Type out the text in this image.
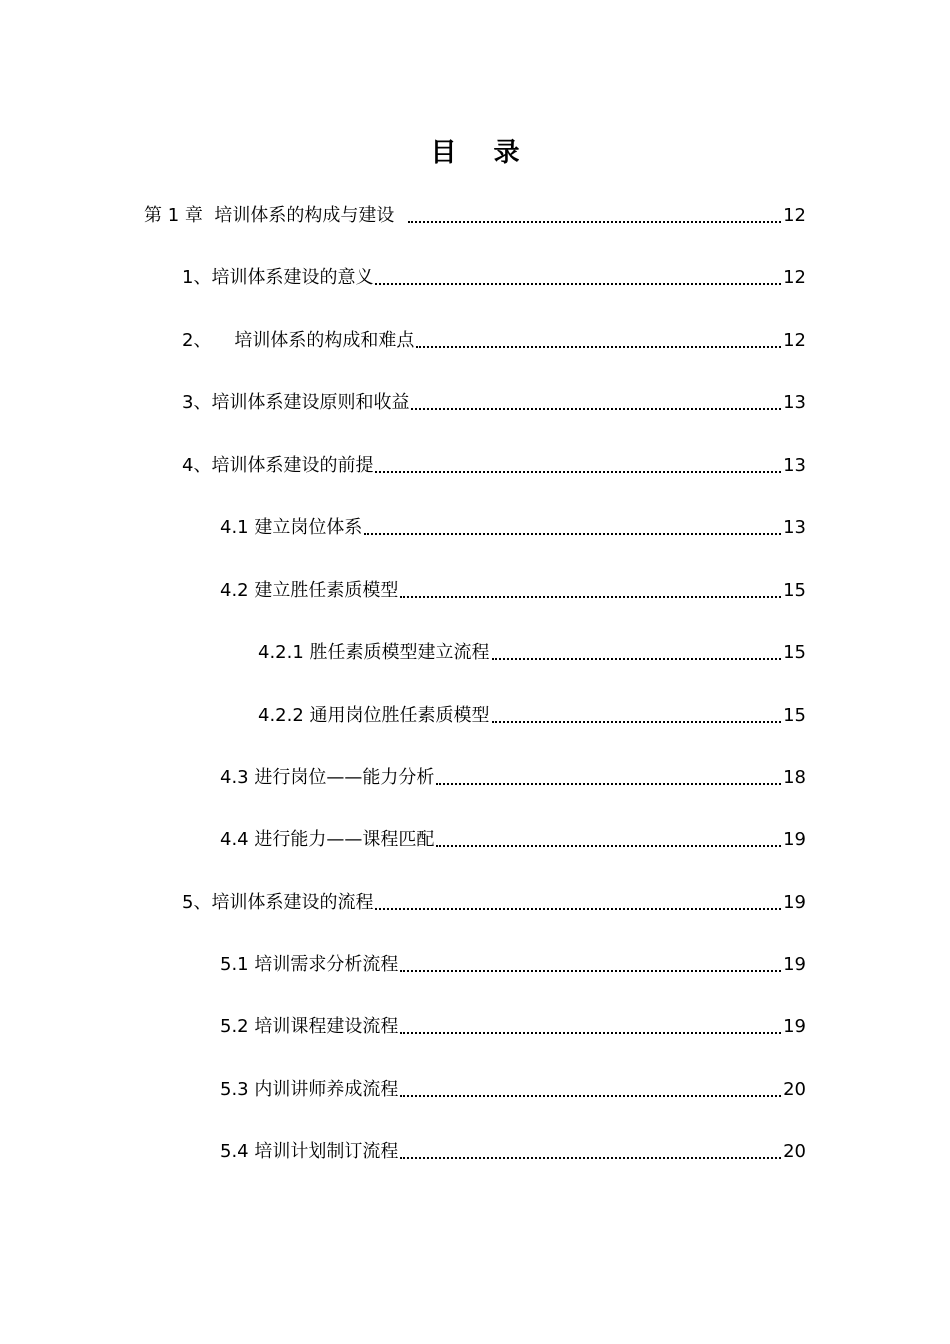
目 录
第 1 章  培训体系的构成与建设	12
1、培训体系建设的意义	12
2、    培训体系的构成和难点	12
3、培训体系建设原则和收益	13
4、培训体系建设的前提	13
4.1 建立岗位体系	13
4.2 建立胜任素质模型	15
4.2.1 胜任素质模型建立流程	15
4.2.2 通用岗位胜任素质模型	15
4.3 进行岗位——能力分析	18
4.4 进行能力——课程匹配	19
5、培训体系建设的流程	19
5.1 培训需求分析流程	19
5.2 培训课程建设流程	19
5.3 内训讲师养成流程	20
5.4 培训计划制订流程	20
